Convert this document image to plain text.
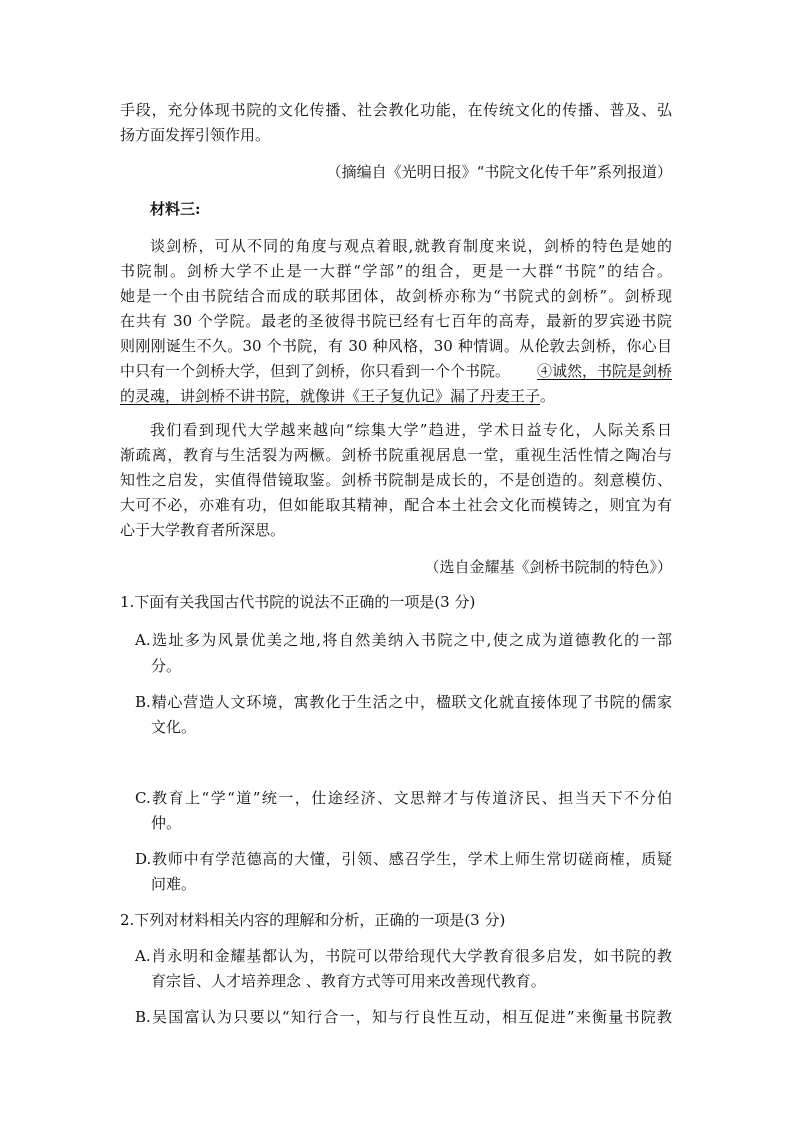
手段，充分体现书院的文化传播、社会教化功能，在传统文化的传播、普及、弘
扬方面发挥引领作用。
（摘编自《光明日报》“书院文化传千年”系列报道）
材料三:
谈剑桥，可从不同的角度与观点着眼,就教育制度来说，剑桥的特色是她的
书院制。剑桥大学不止是一大群“学部”的组合，更是一大群“书院”的结合。
她是一个由书院结合而成的联邦团体，故剑桥亦称为“书院式的剑桥”。剑桥现
在共有 30 个学院。最老的圣彼得书院已经有七百年的高寿，最新的罗宾逊书院
则刚刚诞生不久。30 个书院，有 30 种风格，30 种情调。从伦敦去剑桥，你心目
中只有一个剑桥大学，但到了剑桥，你只看到一个个书院。 ④诚然，书院是剑桥
的灵魂，讲剑桥不讲书院，就像讲《王子复仇记》漏了丹麦王子。
我们看到现代大学越来越向“综集大学”趋进，学术日益专化，人际关系日
渐疏离，教育与生活裂为两橛。剑桥书院重视居息一堂，重视生活性情之陶冶与
知性之启发，实值得借镜取鉴。剑桥书院制是成长的，不是创造的。刻意模仿、
大可不必，亦难有功，但如能取其精神，配合本土社会文化而模铸之，则宜为有
心于大学教育者所深思。
（选自金耀基《剑桥书院制的特色》）
1.下面有关我国古代书院的说法不正确的一项是(3 分)
A.选址多为风景优美之地,将自然美纳入书院之中,使之成为道德教化的一部
分。
B.精心营造人文环境，寓教化于生活之中，楹联文化就直接体现了书院的儒家
文化。
C.教育上“学“道”统一，仕途经济、文思辩才与传道济民、担当天下不分伯
仲。
D.教师中有学范德高的大懂，引领、感召学生，学术上师生常切磋商榷，质疑
问难。
2.下列对材料相关内容的理解和分析，正确的一项是(3 分)
A.肖永明和金耀基都认为，书院可以带给现代大学教育很多启发，如书院的教
育宗旨、人才培养理念 、教育方式等可用来改善现代教育。
B.吴国富认为只要以“知行合一，知与行良性互动，相互促进”来衡量书院教
